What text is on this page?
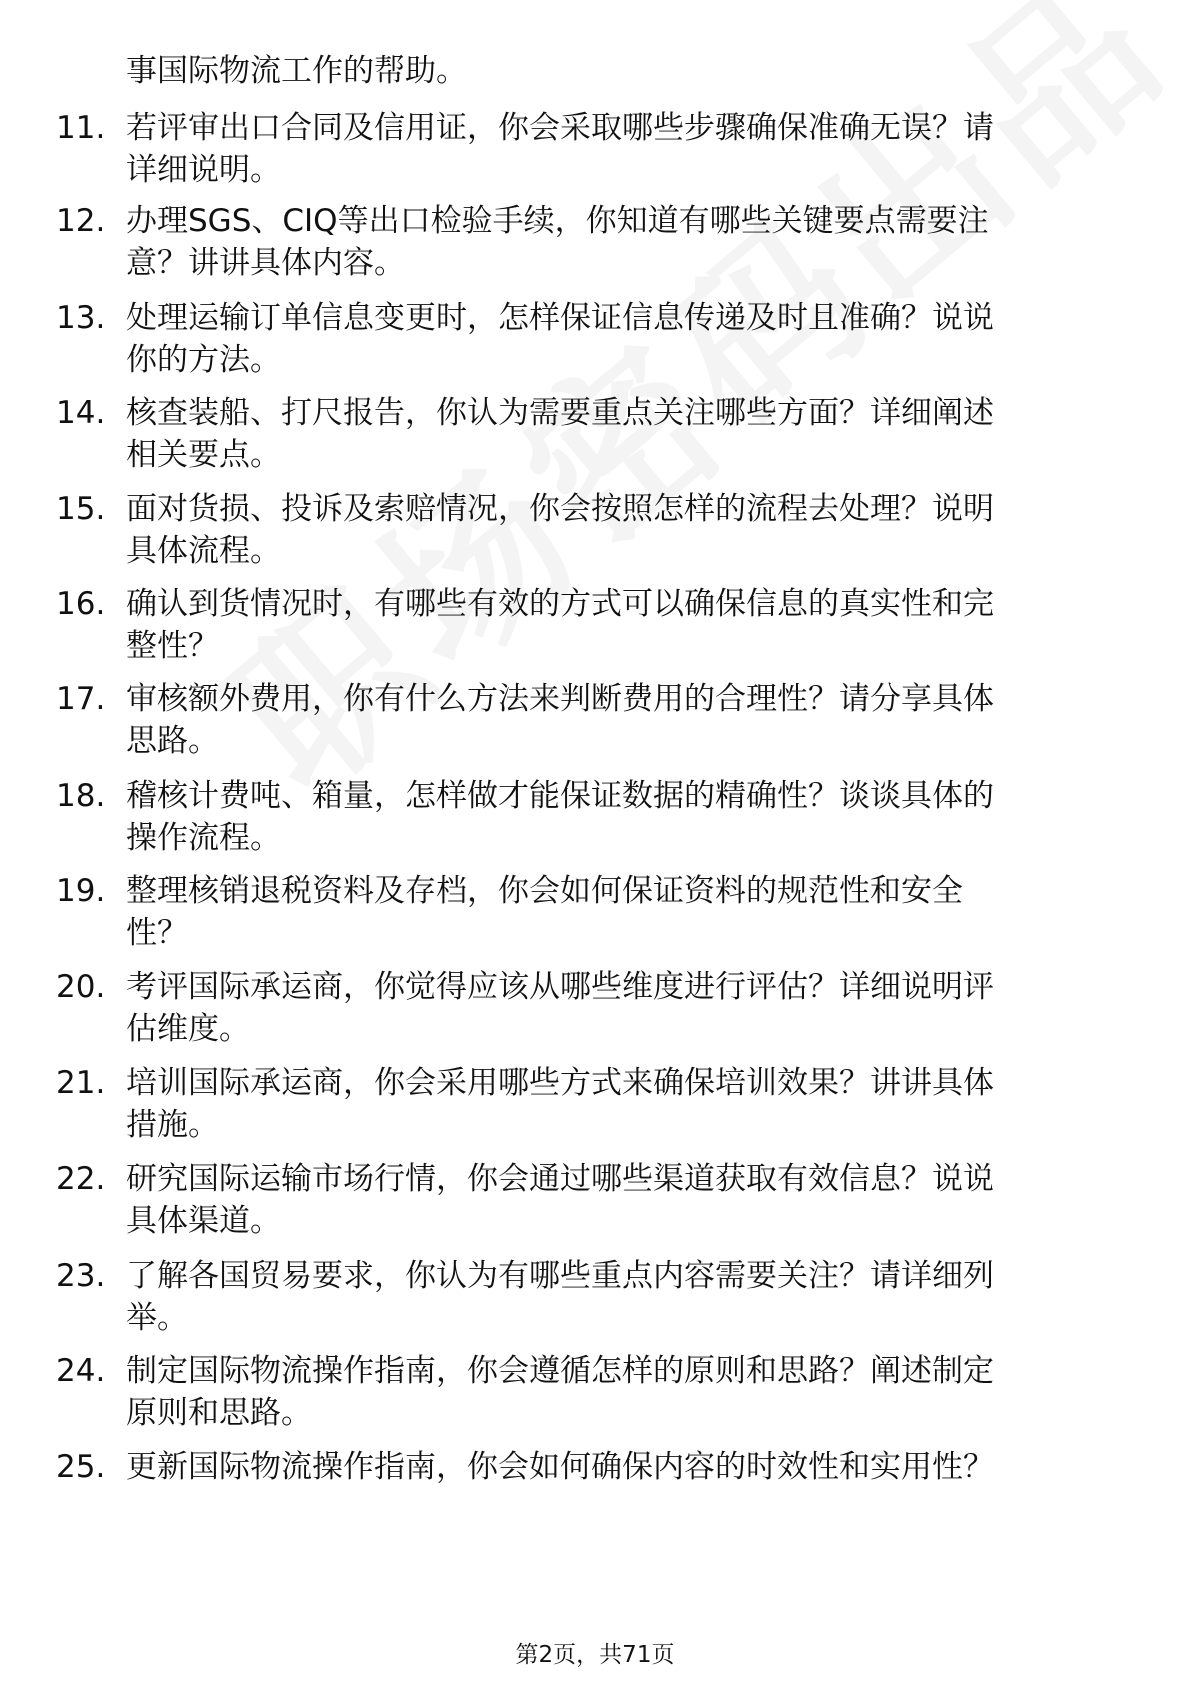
事国际物流工作的帮助。

11. 若评审出口合同及信用证，你会采取哪些步骤确保准确无误？请
详细说明。
12. 办理SGS、CIQ等出口检验手续，你知道有哪些关键要点需要注
意？讲讲具体内容。
13. 处理运输订单信息变更时，怎样保证信息传递及时且准确？说说
你的方法。
14. 核查装船、打尺报告，你认为需要重点关注哪些方面？详细阐述
相关要点。
15. 面对货损、投诉及索赔情况，你会按照怎样的流程去处理？说明
具体流程。
16. 确认到货情况时，有哪些有效的方式可以确保信息的真实性和完
整性？
17. 审核额外费用，你有什么方法来判断费用的合理性？请分享具体
思路。
18. 稽核计费吨、箱量，怎样做才能保证数据的精确性？谈谈具体的
操作流程。
19. 整理核销退税资料及存档，你会如何保证资料的规范性和安全
性？
20. 考评国际承运商，你觉得应该从哪些维度进行评估？详细说明评
估维度。
21. 培训国际承运商，你会采用哪些方式来确保培训效果？讲讲具体
措施。
22. 研究国际运输市场行情，你会通过哪些渠道获取有效信息？说说
具体渠道。
23. 了解各国贸易要求，你认为有哪些重点内容需要关注？请详细列
举。
24. 制定国际物流操作指南，你会遵循怎样的原则和思路？阐述制定
原则和思路。
25. 更新国际物流操作指南，你会如何确保内容的时效性和实用性？
第2页，共71页
